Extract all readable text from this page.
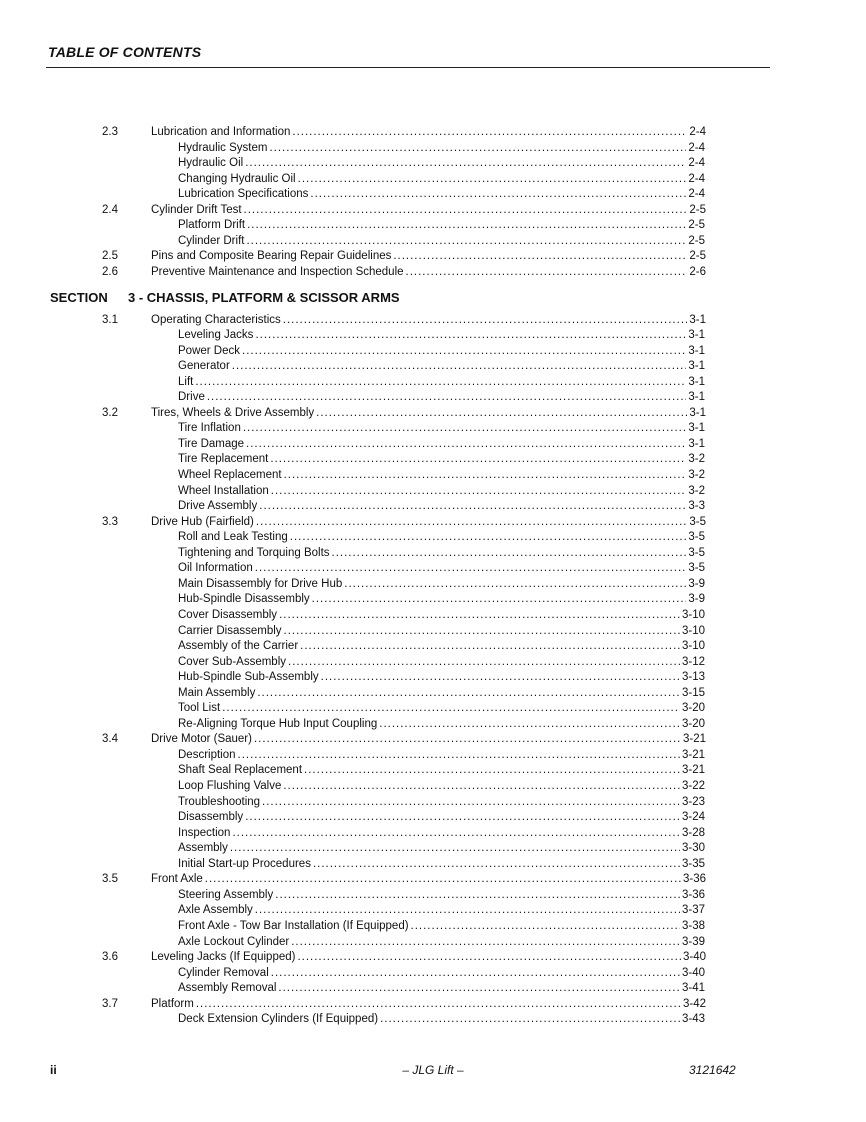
TABLE OF CONTENTS
2.3	Lubrication and Information . . .	2-4
Hydraulic System . . .	2-4
Hydraulic Oil . . .	2-4
Changing Hydraulic Oil . . .	2-4
Lubrication Specifications . . .	2-4
2.4	Cylinder Drift Test . . .	2-5
Platform Drift . . .	2-5
Cylinder Drift . . .	2-5
2.5	Pins and Composite Bearing Repair Guidelines . . .	2-5
2.6	Preventive Maintenance and Inspection Schedule . . .	2-6
SECTION 3 - CHASSIS, PLATFORM & SCISSOR ARMS
3.1	Operating Characteristics . . .	3-1
Leveling Jacks . . .	3-1
Power Deck . . .	3-1
Generator . . .	3-1
Lift . . .	3-1
Drive . . .	3-1
3.2	Tires, Wheels & Drive Assembly . . .	3-1
Tire Inflation . . .	3-1
Tire Damage . . .	3-1
Tire Replacement . . .	3-2
Wheel Replacement . . .	3-2
Wheel Installation . . .	3-2
Drive Assembly . . .	3-3
3.3	Drive Hub (Fairfield) . . .	3-5
Roll and Leak Testing . . .	3-5
Tightening and Torquing Bolts . . .	3-5
Oil Information . . .	3-5
Main Disassembly for Drive Hub . . .	3-9
Hub-Spindle Disassembly . . .	3-9
Cover Disassembly . . .	3-10
Carrier Disassembly . . .	3-10
Assembly of the Carrier . . .	3-10
Cover Sub-Assembly . . .	3-12
Hub-Spindle Sub-Assembly . . .	3-13
Main Assembly . . .	3-15
Tool List . . .	3-20
Re-Aligning Torque Hub Input Coupling . . .	3-20
3.4	Drive Motor (Sauer) . . .	3-21
Description . . .	3-21
Shaft Seal Replacement . . .	3-21
Loop Flushing Valve . . .	3-22
Troubleshooting . . .	3-23
Disassembly . . .	3-24
Inspection . . .	3-28
Assembly . . .	3-30
Initial Start-up Procedures . . .	3-35
3.5	Front Axle . . .	3-36
Steering Assembly . . .	3-36
Axle Assembly . . .	3-37
Front Axle - Tow Bar Installation (If Equipped) . . .	3-38
Axle Lockout Cylinder . . .	3-39
3.6	Leveling Jacks (If Equipped) . . .	3-40
Cylinder Removal . . .	3-40
Assembly Removal . . .	3-41
3.7	Platform . . .	3-42
Deck Extension Cylinders (If Equipped) . . .	3-43
ii	– JLG Lift –	3121642
